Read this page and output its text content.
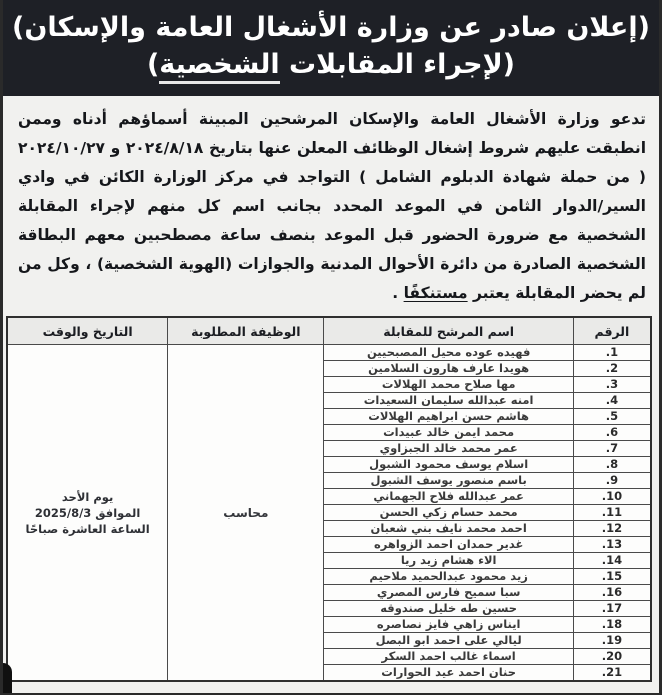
(إعلان صادر عن وزارة الأشغال العامة والإسكان)
(لإجراء المقابلات الشخصية)
تدعو وزارة الأشغال العامة والإسكان المرشحين المبينة أسماؤهم أدناه وممن انطبقت عليهم شروط إشغال الوظائف المعلن عنها بتاريخ ٢٠٢٤/٨/١٨ و ٢٠٢٤/١٠/٢٧ ( من حملة شهادة الدبلوم الشامل ) التواجد في مركز الوزارة الكائن في وادي السير/الدوار الثامن في الموعد المحدد بجانب اسم كل منهم لإجراء المقابلة الشخصية مع ضرورة الحضور قبل الموعد بنصف ساعة مصطحبين معهم البطاقة الشخصية الصادرة من دائرة الأحوال المدنية والجوازات (الهوية الشخصية) ، وكل من لم يحضر المقابلة يعتبر مستنكفًا .
الرقم	اسم المرشح للمقابلة	الوظيفة المطلوبة	التاريخ والوقت
1.	فهيده عوده محيل المصبحيين	محاسب	يوم الأحد
الموافق 2025/8/3
الساعة العاشرة صباحًا

2.	هويدا عارف هارون السلامين		
3.	مها صلاح محمد الهلالات		
4.	امنه عبدالله سليمان السعيدات		
5.	هاشم حسن ابراهيم الهلالات		
6.	محمد ايمن خالد عبيدات		
7.	عمر محمد خالد الجبزاوي		
8.	اسلام يوسف محمود الشبول		
9.	باسم منصور يوسف الشبول		
10.	عمر عبدالله فلاح الجهماني		
11.	محمد حسام زكي الحسن		
12.	احمد محمد نايف بني شعبان		
13.	غدير حمدان احمد الزواهره		
14.	الاء هشام زيد ريا		
15.	زيد محمود عبدالحميد ملاحيم		
16.	سبا سميح فارس المصري		
17.	حسين طه خليل صندوقه		
18.	ايناس زاهي فايز نصاصره		
19.	ليالي على احمد ابو البصل		
20.	اسماء غالب احمد السكر		
21.	حنان احمد عيد الحوارات		
